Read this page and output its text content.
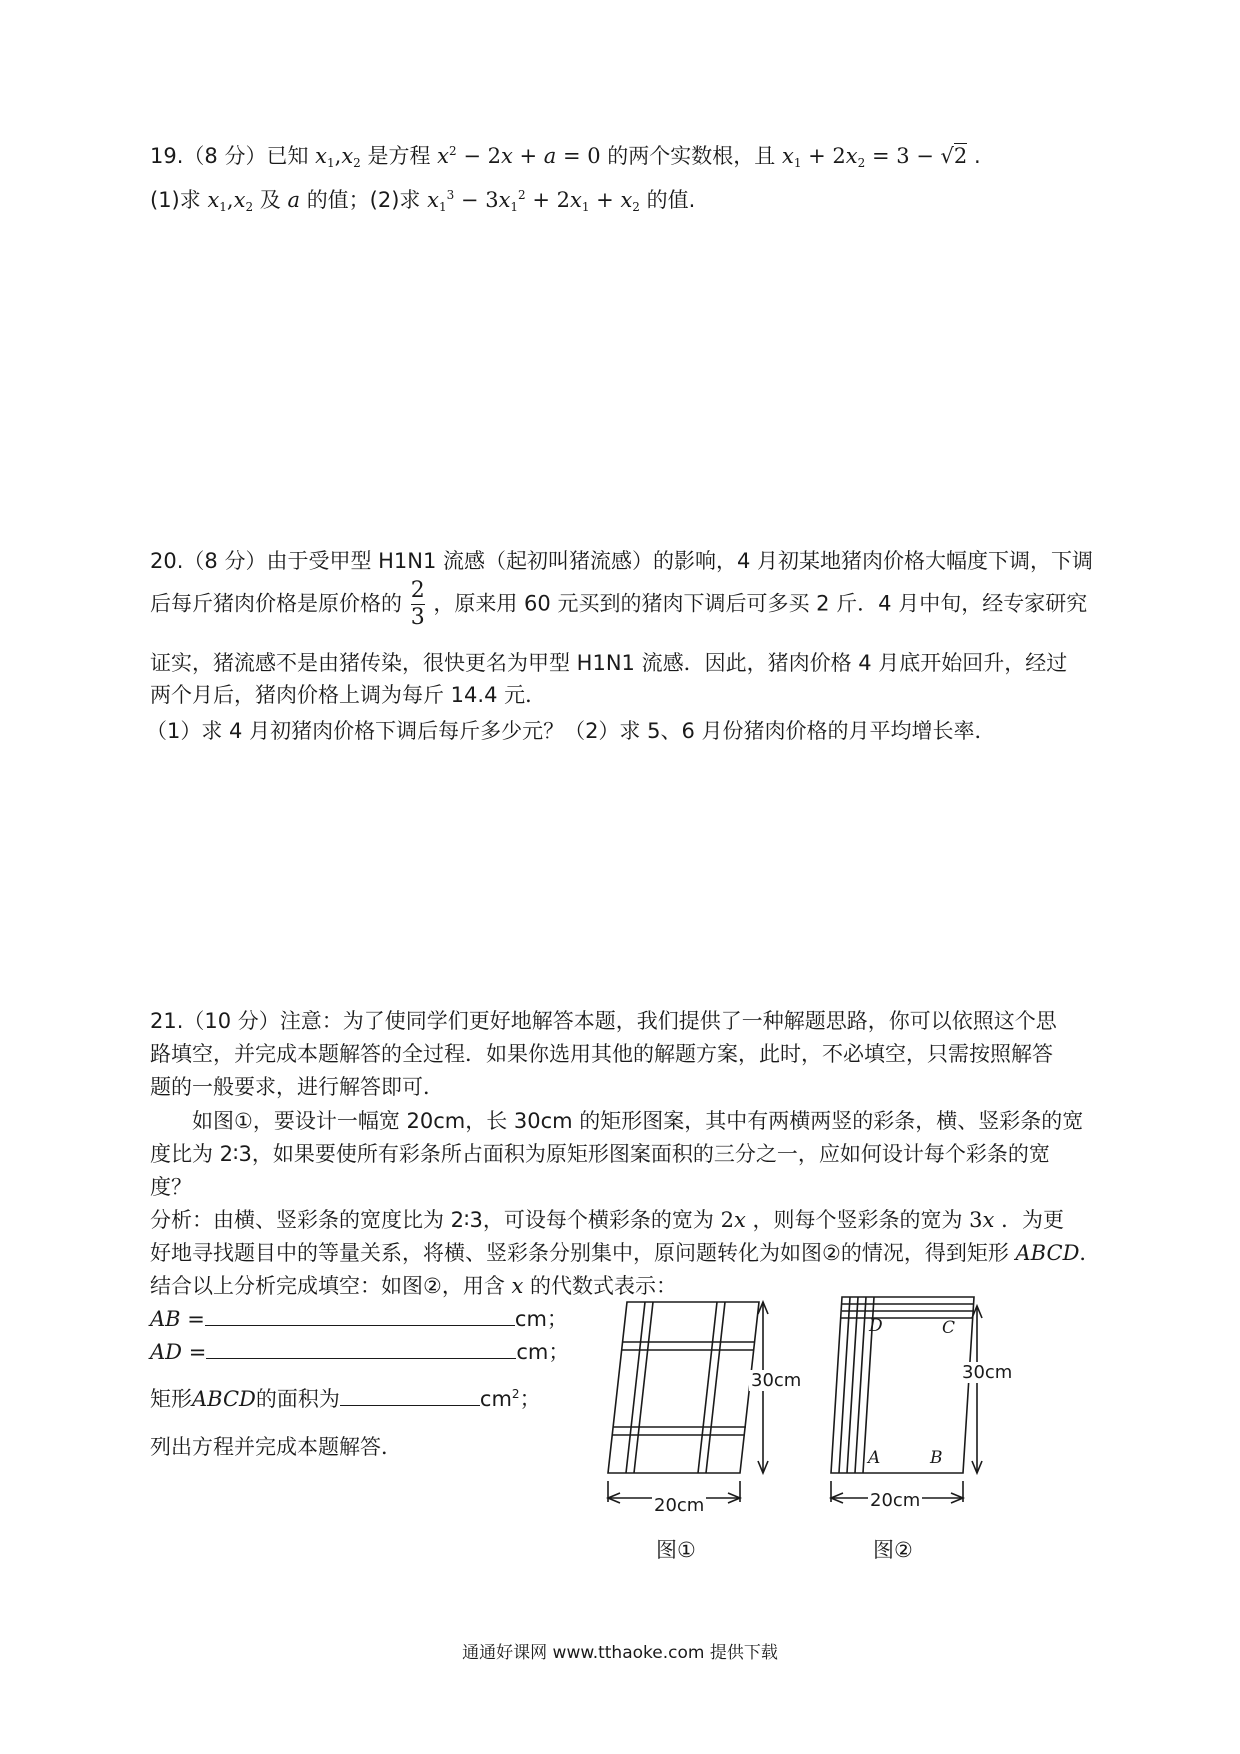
19.（8 分）已知 $x_1,x_2$ 是方程 $x^2 - 2x + a = 0$ 的两个实数根，且 $x_1 + 2x_2 = 3 - √2$ .
(1)求 $x_1,x_2$ 及 a 的值；(2)求 $x_1^3 - 3x_1^2 + 2x_1 + x_2$ 的值.
20.（8 分）由于受甲型 H1N1 流感（起初叫猪流感）的影响，4 月初某地猪肉价格大幅度下调，下调
后每斤猪肉价格是原价格的 $\frac{2}{3}$ ，原来用 60 元买到的猪肉下调后可多买 2 斤．4 月中旬，经专家研究
证实，猪流感不是由猪传染，很快更名为甲型 H1N1 流感．因此，猪肉价格 4 月底开始回升，经过
两个月后，猪肉价格上调为每斤 14.4 元．
（1）求 4 月初猪肉价格下调后每斤多少元？（2）求 5、6 月份猪肉价格的月平均增长率．
21.（10 分）注意：为了使同学们更好地解答本题，我们提供了一种解题思路，你可以依照这个思
路填空，并完成本题解答的全过程．如果你选用其他的解题方案，此时，不必填空，只需按照解答
题的一般要求，进行解答即可．
如图①，要设计一幅宽 20cm，长 30cm 的矩形图案，其中有两横两竖的彩条，横、竖彩条的宽
度比为 2∶3，如果要使所有彩条所占面积为原矩形图案面积的三分之一，应如何设计每个彩条的宽
度？
分析：由横、竖彩条的宽度比为 2∶3，可设每个横彩条的宽为 2x ，则每个竖彩条的宽为 3x ．为更
好地寻找题目中的等量关系，将横、竖彩条分别集中，原问题转化为如图②的情况，得到矩形 ABCD．
结合以上分析完成填空：如图②，用含 x 的代数式表示：
AB =	cm；
AD =	cm；
矩形ABCD的面积为	$cm^2$；
列出方程并完成本题解答．
30cm
20cm
图①
D	C
A	B
30cm
20cm
图②
通通好课网 www.tthaoke.com 提供下载
